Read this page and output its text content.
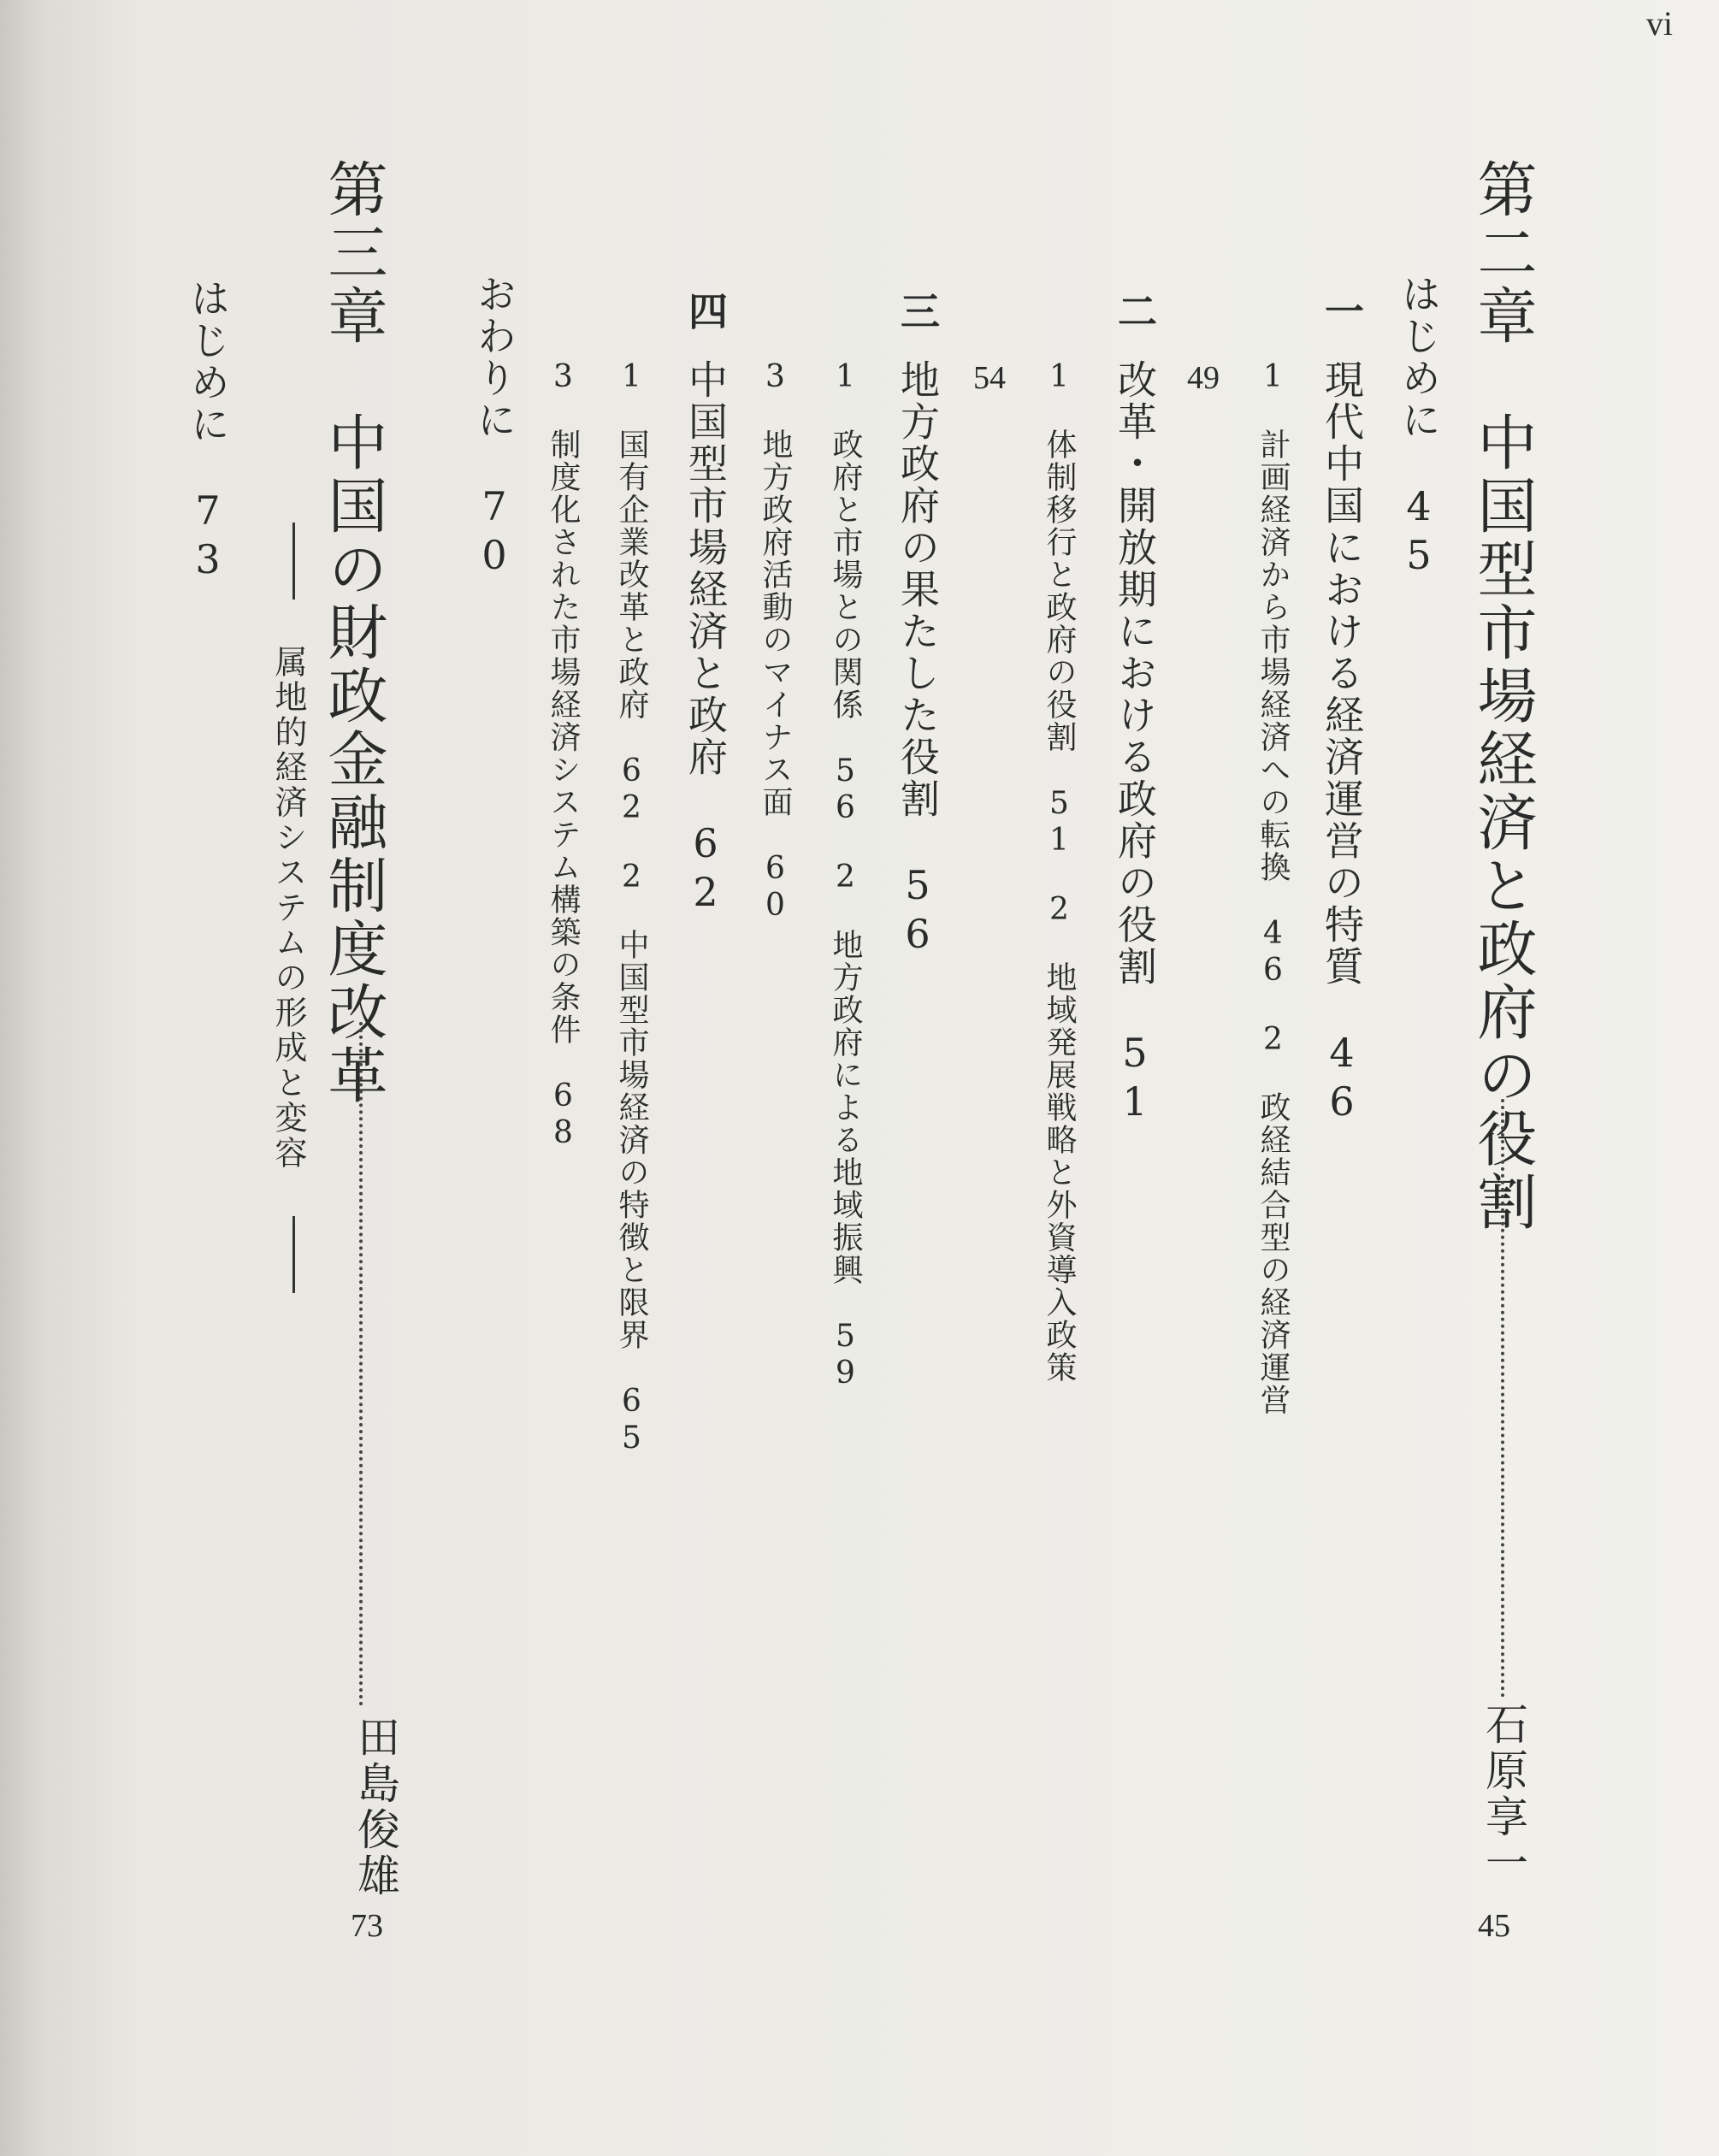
vi
第二章　中国型市場経済と政府の役割
石原享一
45
はじめに　45
一
現代中国における経済運営の特質　46
1　計画経済から市場経済への転換　46　2　政経結合型の経済運営
49
二
改革・開放期における政府の役割　51
1　体制移行と政府の役割　51　2　地域発展戦略と外資導入政策
54
三
地方政府の果たした役割　56
1　政府と市場との関係　56　2　地方政府による地域振興　59
3　地方政府活動のマイナス面　60
四
中国型市場経済と政府　62
1　国有企業改革と政府　62　2　中国型市場経済の特徴と限界　65
3　制度化された市場経済システム構築の条件　68
おわりに　70
第三章　中国の財政金融制度改革
田島俊雄
73
属地的経済システムの形成と変容
はじめに　73
